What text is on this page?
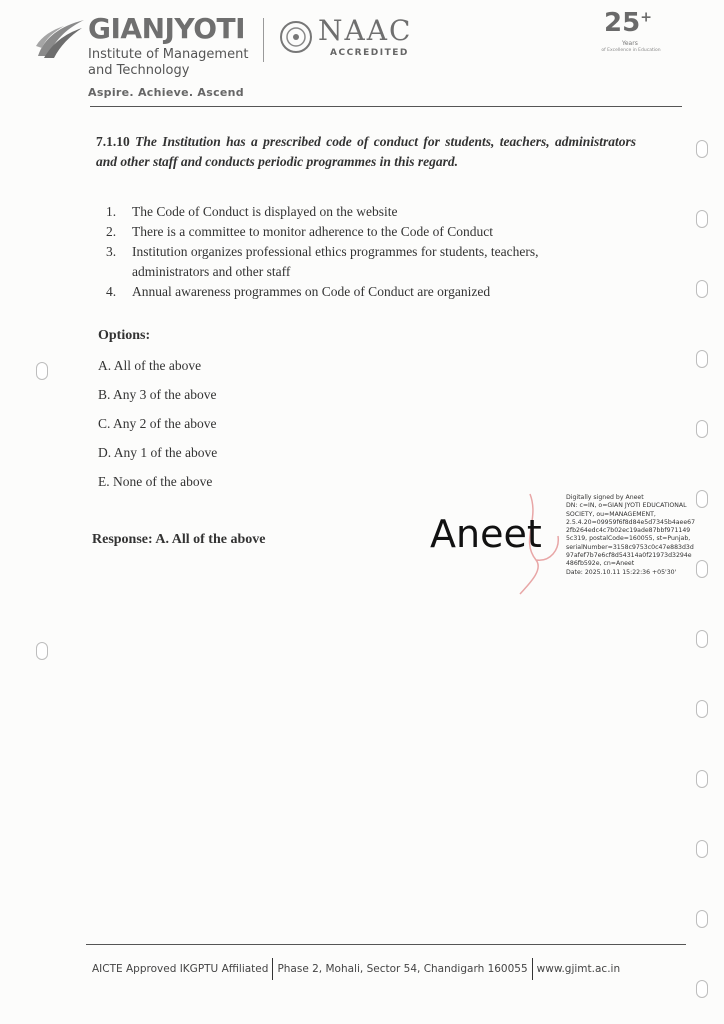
GIANJYOTI
Institute of Management
and Technology
Aspire. Achieve. Ascend
NAAC
ACCREDITED
25+
Years
of Excellence in Education
7.1.10 The Institution has a prescribed code of conduct for students, teachers, administrators and other staff and conducts periodic programmes in this regard.
1.	The Code of Conduct is displayed on the website
2.	There is a committee to monitor adherence to the Code of Conduct
3.	Institution organizes professional ethics programmes for students, teachers, administrators and other staff
4.	Annual awareness programmes on Code of Conduct are organized
Options:
A. All of the above
B. Any 3 of the above
C. Any 2 of the above
D. Any 1 of the above
E. None of the above
Response: A. All of the above	Aneet
Digitally signed by Aneet
DN: c=IN, o=GIAN JYOTI EDUCATIONAL
SOCIETY, ou=MANAGEMENT,
2.5.4.20=09959f6f8d84e5d7345b4aee67
2fb264edc4c7b02ec19ade87bbf971149
5c319, postalCode=160055, st=Punjab,
serialNumber=3158c9753c0c47e883d3d
97afef7b7e6cf8d54314a0f21973d3294e
486fb592e, cn=Aneet
Date: 2025.10.11 15:22:36 +05'30'
AICTE Approved IKGPTU Affiliated Phase 2, Mohali, Sector 54, Chandigarh 160055 www.gjimt.ac.in
